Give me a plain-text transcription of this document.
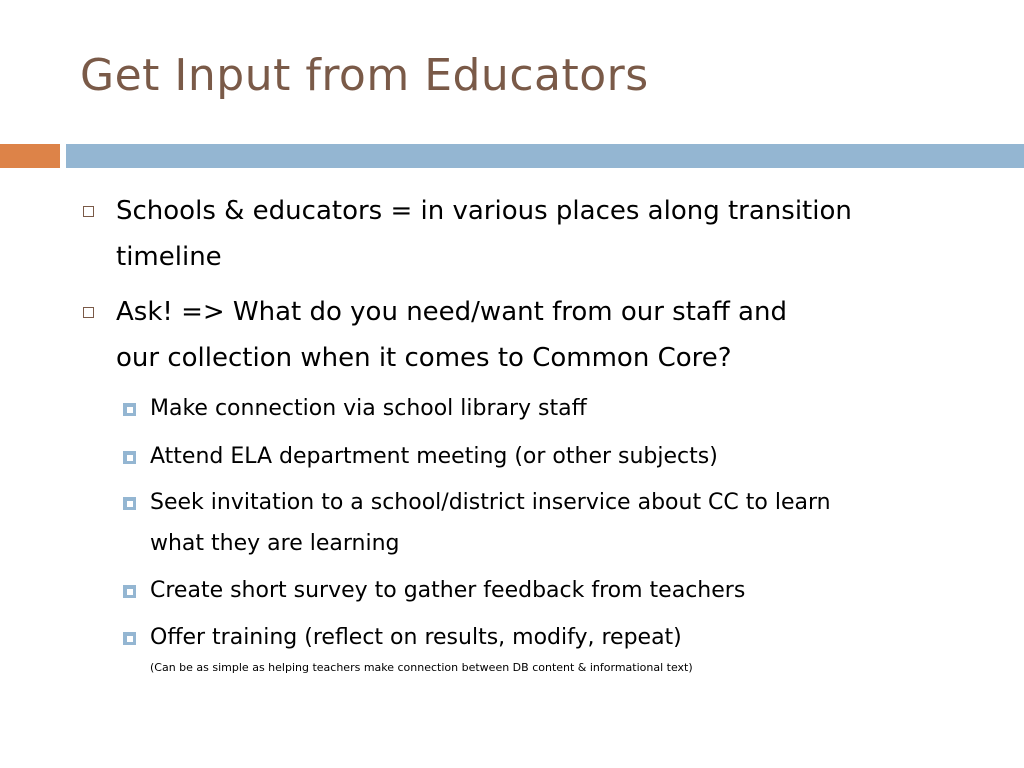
Get Input from Educators
Schools & educators = in various places along transition
timeline
Ask! => What do you need/want from our staff and
our collection when it comes to Common Core?
Make connection via school library staff
Attend ELA department meeting (or other subjects)
Seek invitation to a school/district inservice about CC to learn
what they are learning
Create short survey to gather feedback from teachers
Offer training (reflect on results, modify, repeat)
(Can be as simple as helping teachers make connection between DB content & informational text)
